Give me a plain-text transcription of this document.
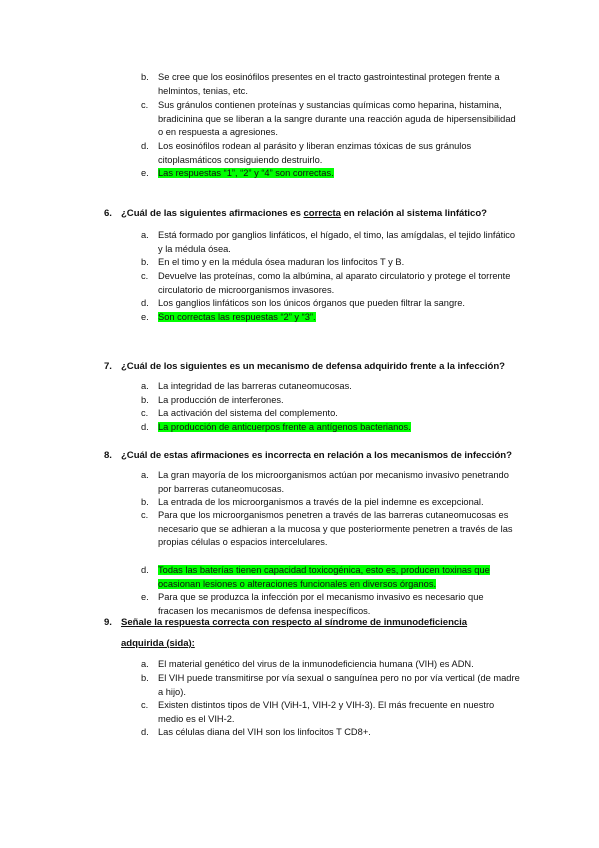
b. Se cree que los eosinófilos presentes en el tracto gastrointestinal protegen frente a helmintos, tenias, etc.
c. Sus gránulos contienen proteínas y sustancias químicas como heparina, histamina, bradicinina que se liberan a la sangre durante una reacción aguda de hipersensibilidad o en respuesta a agresiones.
d. Los eosinófilos rodean al parásito y liberan enzimas tóxicas de sus gránulos citoplasmáticos consiguiendo destruirlo.
e. Las respuestas “1”, “2” y “4” son correctas.
6. ¿Cuál de las siguientes afirmaciones es correcta en relación al sistema linfático?
a. Está formado por ganglios linfáticos, el hígado, el timo, las amígdalas, el tejido linfático y la médula ósea.
b. En el timo y en la médula ósea maduran los linfocitos T y B.
c. Devuelve las proteínas, como la albúmina, al aparato circulatorio y protege el torrente circulatorio de microorganismos invasores.
d. Los ganglios linfáticos son los únicos órganos que pueden filtrar la sangre.
e. Son correctas las respuestas “2” y “3”.
7. ¿Cuál de los siguientes es un mecanismo de defensa adquirido frente a la infección?
a. La integridad de las barreras cutaneomucosas.
b. La producción de interferones.
c. La activación del sistema del complemento.
d. La producción de anticuerpos frente a antígenos bacterianos.
8. ¿Cuál de estas afirmaciones es incorrecta en relación a los mecanismos de infección?
a. La gran mayoría de los microorganismos actúan por mecanismo invasivo penetrando por barreras cutaneomucosas.
b. La entrada de los microorganismos a través de la piel indemne es excepcional.
c. Para que los microorganismos penetren a través de las barreras cutaneomucosas es necesario que se adhieran a la mucosa y que posteriormente penetren a través de las propias células o espacios intercelulares.
d. Todas las baterías tienen capacidad toxicogénica, esto es, producen toxinas que ocasionan lesiones o alteraciones funcionales en diversos órganos.
e. Para que se produzca la infección por el mecanismo invasivo es necesario que fracasen los mecanismos de defensa inespecíficos.
9. Señale la respuesta correcta con respecto al síndrome de inmunodeficiencia
adquirida (sida):
a. El material genético del virus de la inmunodeficiencia humana (VIH) es ADN.
b. El VIH puede transmitirse por vía sexual o sanguínea pero no por vía vertical (de madre a hijo).
c. Existen distintos tipos de VIH (ViH-1, VIH-2 y VIH-3). El más frecuente en nuestro medio es el VIH-2.
d. Las células diana del VIH son los linfocitos T CD8+.
